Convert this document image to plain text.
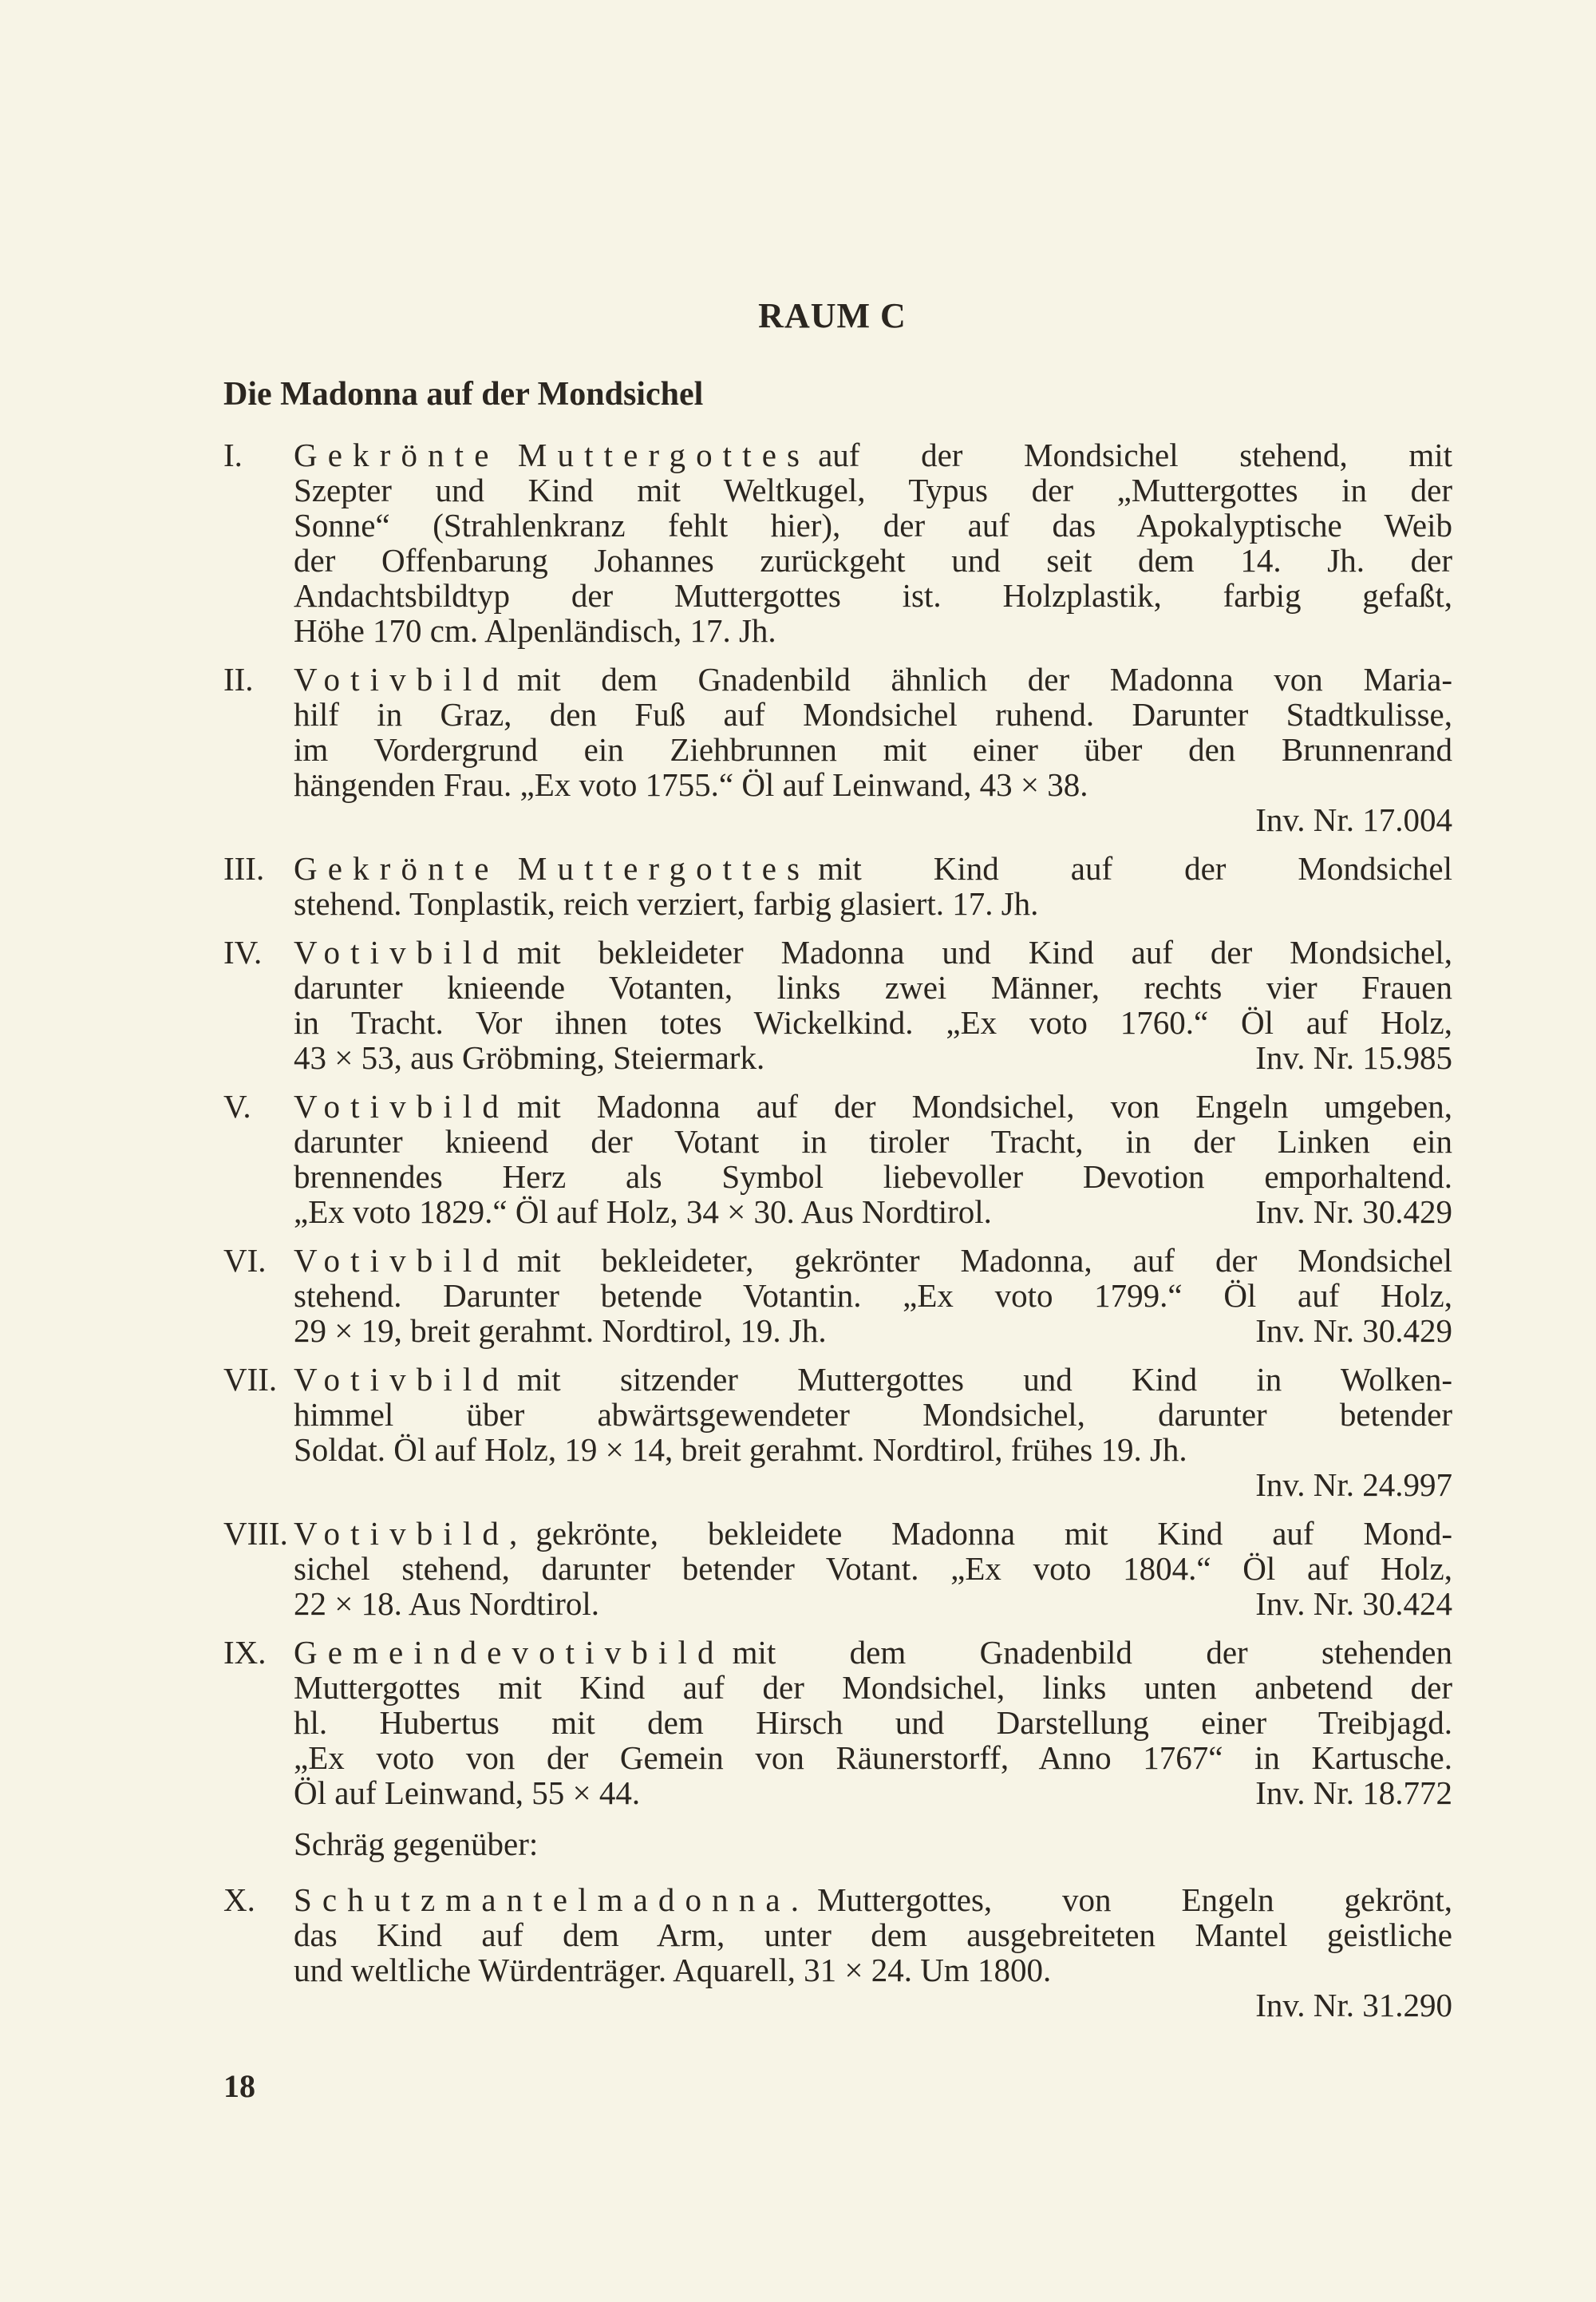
RAUM C
Die Madonna auf der Mondsichel
I. Gekrönte Muttergottes auf der Mondsichel stehend, mit
Szepter und Kind mit Weltkugel, Typus der „Muttergottes in der
Sonne“ (Strahlenkranz fehlt hier), der auf das Apokalyptische Weib
der Offenbarung Johannes zurückgeht und seit dem 14. Jh. der
Andachtsbildtyp der Muttergottes ist. Holzplastik, farbig gefaßt,
Höhe 170 cm. Alpenländisch, 17. Jh.
II. Votivbild mit dem Gnadenbild ähnlich der Madonna von Maria-
hilf in Graz, den Fuß auf Mondsichel ruhend. Darunter Stadtkulisse,
im Vordergrund ein Ziehbrunnen mit einer über den Brunnenrand
hängenden Frau. „Ex voto 1755.“ Öl auf Leinwand, 43 × 38.
Inv. Nr. 17.004
III. Gekrönte Muttergottes mit Kind auf der Mondsichel
stehend. Tonplastik, reich verziert, farbig glasiert. 17. Jh.
IV. Votivbild mit bekleideter Madonna und Kind auf der Mondsichel,
darunter knieende Votanten, links zwei Männer, rechts vier Frauen
in Tracht. Vor ihnen totes Wickelkind. „Ex voto 1760.“ Öl auf Holz,
43 × 53, aus Gröbming, Steiermark.	Inv. Nr. 15.985
V. Votivbild mit Madonna auf der Mondsichel, von Engeln umgeben,
darunter knieend der Votant in tiroler Tracht, in der Linken ein
brennendes Herz als Symbol liebevoller Devotion emporhaltend.
„Ex voto 1829.“ Öl auf Holz, 34 × 30. Aus Nordtirol.	Inv. Nr. 30.429
VI. Votivbild mit bekleideter, gekrönter Madonna, auf der Mondsichel
stehend. Darunter betende Votantin. „Ex voto 1799.“ Öl auf Holz,
29 × 19, breit gerahmt. Nordtirol, 19. Jh.	Inv. Nr. 30.429
VII. Votivbild mit sitzender Muttergottes und Kind in Wolken-
himmel über abwärtsgewendeter Mondsichel, darunter betender
Soldat. Öl auf Holz, 19 × 14, breit gerahmt. Nordtirol, frühes 19. Jh.
Inv. Nr. 24.997
VIII. Votivbild, gekrönte, bekleidete Madonna mit Kind auf Mond-
sichel stehend, darunter betender Votant. „Ex voto 1804.“ Öl auf Holz,
22 × 18. Aus Nordtirol.	Inv. Nr. 30.424
IX. Gemeindevotivbild mit dem Gnadenbild der stehenden
Muttergottes mit Kind auf der Mondsichel, links unten anbetend der
hl. Hubertus mit dem Hirsch und Darstellung einer Treibjagd.
„Ex voto von der Gemein von Räunerstorff, Anno 1767“ in Kartusche.
Öl auf Leinwand, 55 × 44.	Inv. Nr. 18.772
Schräg gegenüber:
X. Schutzmantelmadonna. Muttergottes, von Engeln gekrönt,
das Kind auf dem Arm, unter dem ausgebreiteten Mantel geistliche
und weltliche Würdenträger. Aquarell, 31 × 24. Um 1800.
Inv. Nr. 31.290
18
